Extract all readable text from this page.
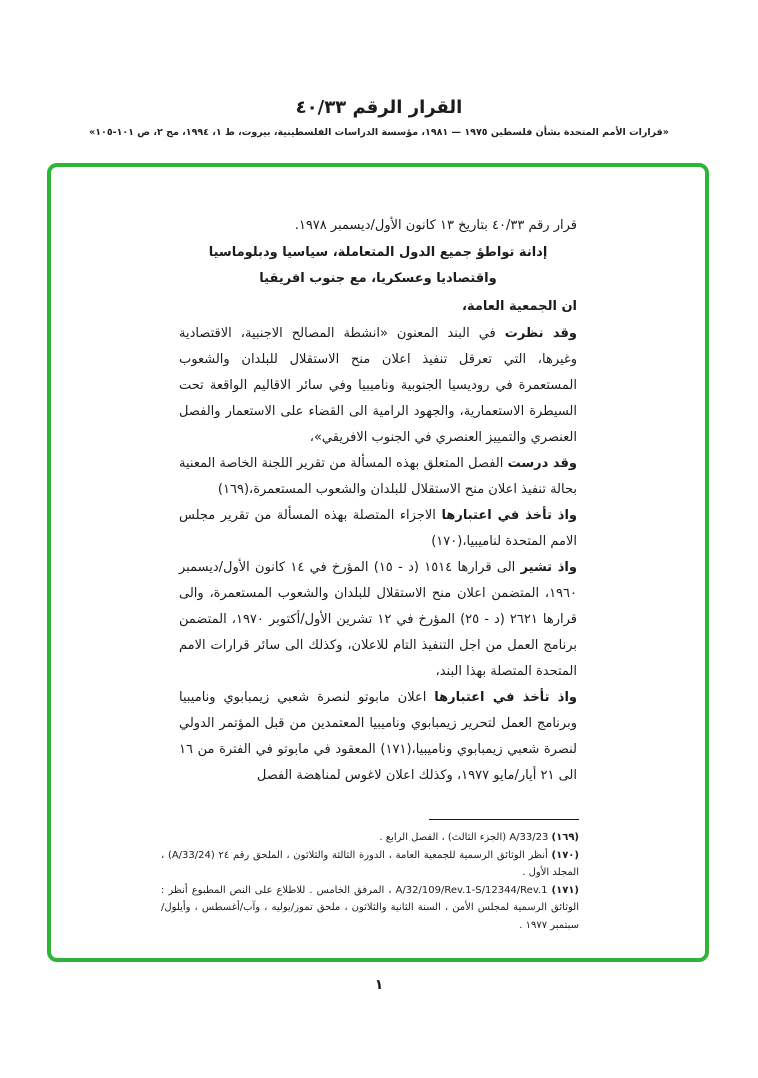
القرار الرقم ٤٠/٣٣
«قرارات الأمم المتحدة بشأن فلسطين ١٩٧٥ — ١٩٨١، مؤسسة الدراسات الفلسطينية، بيروت، ط ١، ١٩٩٤، مج ٢، ص ١٠١-١٠٥»

قرار رقم ٤٠/٣٣ بتاريخ ١٣ كانون الأول/ديسمبر ١٩٧٨.

إدانة تواطؤ جميع الدول المتعاملة، سياسيا ودبلوماسيا
واقتصاديا وعسكريا، مع جنوب افريقيا

ان الجمعية العامة،

وقد نظرت في البند المعنون «انشطة المصالح الاجنبية، الاقتصادية وغيرها، التي تعرقل تنفيذ اعلان منح الاستقلال للبلدان والشعوب المستعمرة في روديسيا الجنوبية وناميبيا وفي سائر الاقاليم الواقعة تحت السيطرة الاستعمارية، والجهود الرامية الى القضاء على الاستعمار والفصل العنصري والتمييز العنصري في الجنوب الافريقي»،

وقد درست الفصل المتعلق بهذه المسألة من تقرير اللجنة الخاصة المعنية بحالة تنفيذ اعلان منح الاستقلال للبلدان والشعوب المستعمرة،(١٦٩)

واذ تأخذ في اعتبارها الاجزاء المتصلة بهذه المسألة من تقرير مجلس الامم المتحدة لناميبيا،(١٧٠)

واذ تشير الى قرارها ١٥١٤ (د - ١٥) المؤرخ في ١٤ كانون الأول/ديسمبر ١٩٦٠، المتضمن اعلان منح الاستقلال للبلدان والشعوب المستعمرة، والى قرارها ٢٦٢١ (د - ٢٥) المؤرخ في ١٢ تشرين الأول/أكتوبر ١٩٧٠، المتضمن برنامج العمل من اجل التنفيذ التام للاعلان، وكذلك الى سائر قرارات الامم المتحدة المتصلة بهذا البند،

واذ تأخذ في اعتبارها اعلان مابوتو لنصرة شعبي زيمبابوي وناميبيا وبرنامج العمل لتحرير زيمبابوي وناميبيا المعتمدين من قبل المؤتمر الدولي لنصرة شعبي زيمبابوي وناميبيا،(١٧١) المعقود في مابوتو في الفترة من ١٦ الى ٢١ أيار/مايو ١٩٧٧، وكذلك اعلان لاغوس لمناهضة الفصل

(١٦٩) A/33/23 (الجزء الثالث) ، الفصل الرابع .
(١٧٠) أنظر الوثائق الرسمية للجمعية العامة ، الدورة الثالثة والثلاثون ، الملحق رقم ٢٤ (A/33/24) ، المجلد الأول .
(١٧١) A/32/109/Rev.1-S/12344/Rev.1 ، المرفق الخامس . للاطلاع على النص المطبوع أنظر : الوثائق الرسمية لمجلس الأمن ، السنة الثانية والثلاثون ، ملحق تموز/يوليه ، وآب/أغسطس ، وأيلول/سبتمبر ١٩٧٧ .
١
